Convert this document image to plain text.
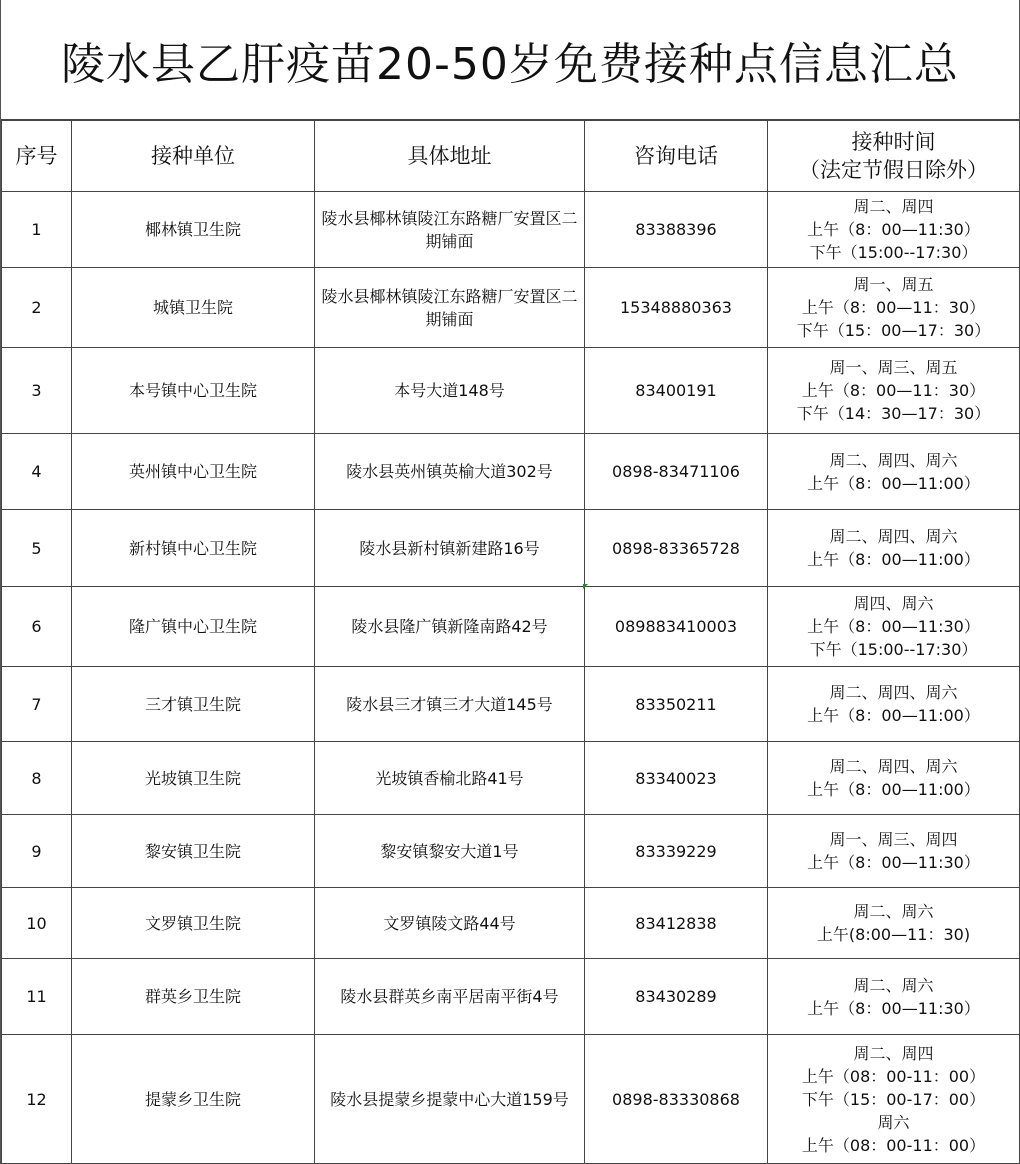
陵水县乙肝疫苗20-50岁免费接种点信息汇总
序号	接种单位	具体地址	咨询电话	接种时间
（法定节假日除外）

1	椰林镇卫生院	陵水县椰林镇陵江东路糖厂安置区二期铺面	83388396	周二、周四
上午（8：00—11:30）
下午（15:00--17:30）

2	城镇卫生院	陵水县椰林镇陵江东路糖厂安置区二期铺面	15348880363	周一、周五
上午（8：00—11：30）
下午（15：00—17：30）

3	本号镇中心卫生院	本号大道148号	83400191	周一、周三、周五
上午（8：00—11：30）
下午（14：30—17：30）

4	英州镇中心卫生院	陵水县英州镇英榆大道302号	0898-83471106	周二、周四、周六
上午（8：00—11:00）

5	新村镇中心卫生院	陵水县新村镇新建路16号	0898-83365728	周二、周四、周六
上午（8：00—11:00）

6	隆广镇中心卫生院	陵水县隆广镇新隆南路42号	089883410003	周四、周六
上午（8：00—11:30）
下午（15:00--17:30）

7	三才镇卫生院	陵水县三才镇三才大道145号	83350211	周二、周四、周六
上午（8：00—11:00）

8	光坡镇卫生院	光坡镇香榆北路41号	83340023	周二、周四、周六
上午（8：00—11:00）

9	黎安镇卫生院	黎安镇黎安大道1号	83339229	周一、周三、周四
上午（8：00—11:30）

10	文罗镇卫生院	文罗镇陵文路44号	83412838	周二、周六
上午(8:00—11：30)

11	群英乡卫生院	陵水县群英乡南平居南平街4号	83430289	周二、周六
上午（8：00—11:30）

12	提蒙乡卫生院	陵水县提蒙乡提蒙中心大道159号	0898-83330868	周二、周四
上午（08：00-11：00）
下午（15：00-17：00）
周六
上午（08：00-11：00）
